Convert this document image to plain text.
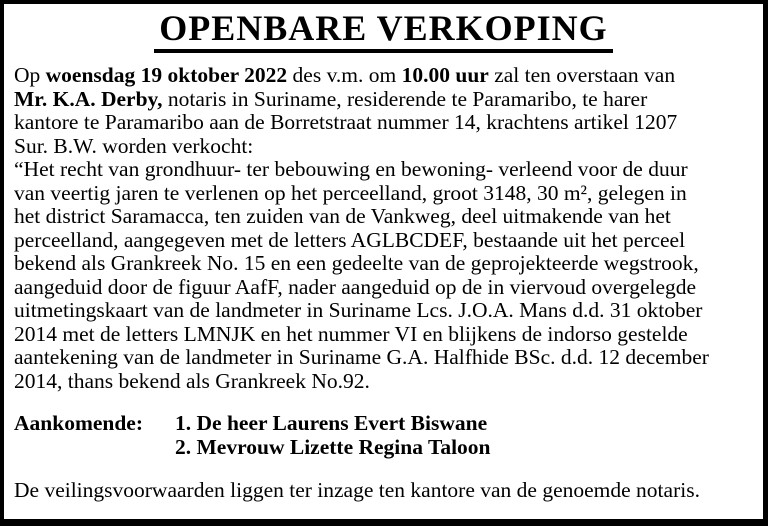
OPENBARE VERKOPING
Op woensdag 19 oktober 2022 des v.m. om 10.00 uur zal ten overstaan van
Mr. K.A. Derby, notaris in Suriname, residerende te Paramaribo, te harer
kantore te Paramaribo aan de Borretstraat nummer 14, krachtens artikel 1207
Sur. B.W. worden verkocht:
“Het recht van grondhuur- ter bebouwing en bewoning- verleend voor de duur
van veertig jaren te verlenen op het perceelland, groot 3148, 30 m², gelegen in
het district Saramacca, ten zuiden van de Vankweg, deel uitmakende van het
perceelland, aangegeven met de letters AGLBCDEF, bestaande uit het perceel
bekend als Grankreek No. 15 en een gedeelte van de geprojekteerde wegstrook,
aangeduid door de figuur AafF, nader aangeduid op de in viervoud overgelegde
uitmetingskaart van de landmeter in Suriname Lcs. J.O.A. Mans d.d. 31 oktober
2014 met de letters LMNJK en het nummer VI en blijkens de indorso gestelde
aantekening van de landmeter in Suriname G.A. Halfhide BSc. d.d. 12 december
2014, thans bekend als Grankreek No.92.
Aankomende:	1. De heer Laurens Evert Biswane
2. Mevrouw Lizette Regina Taloon
De veilingsvoorwaarden liggen ter inzage ten kantore van de genoemde notaris.
